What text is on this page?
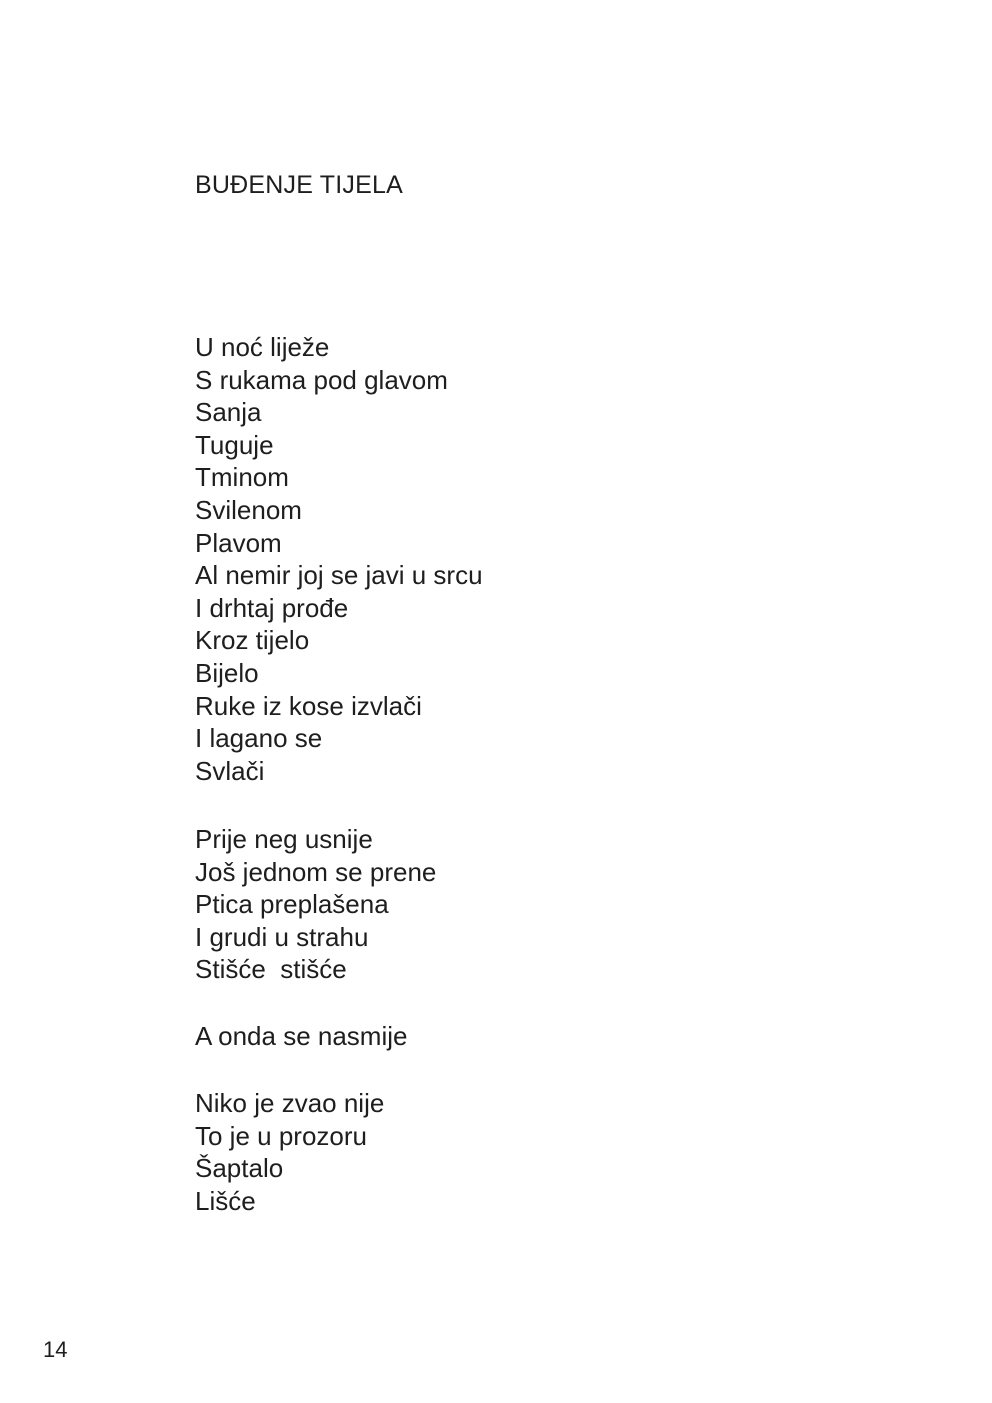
BUĐENJE TIJELA
U noć liježe
S rukama pod glavom
Sanja
Tuguje
Tminom
Svilenom
Plavom
Al nemir joj se javi u srcu
I drhtaj prođe
Kroz tijelo
Bijelo
Ruke iz kose izvlači
I lagano se
Svlači
Prije neg usnije
Još jednom se prene
Ptica preplašena
I grudi u strahu
Stišće  stišće
A onda se nasmije
Niko je zvao nije
To je u prozoru
Šaptalo
Lišće
14
